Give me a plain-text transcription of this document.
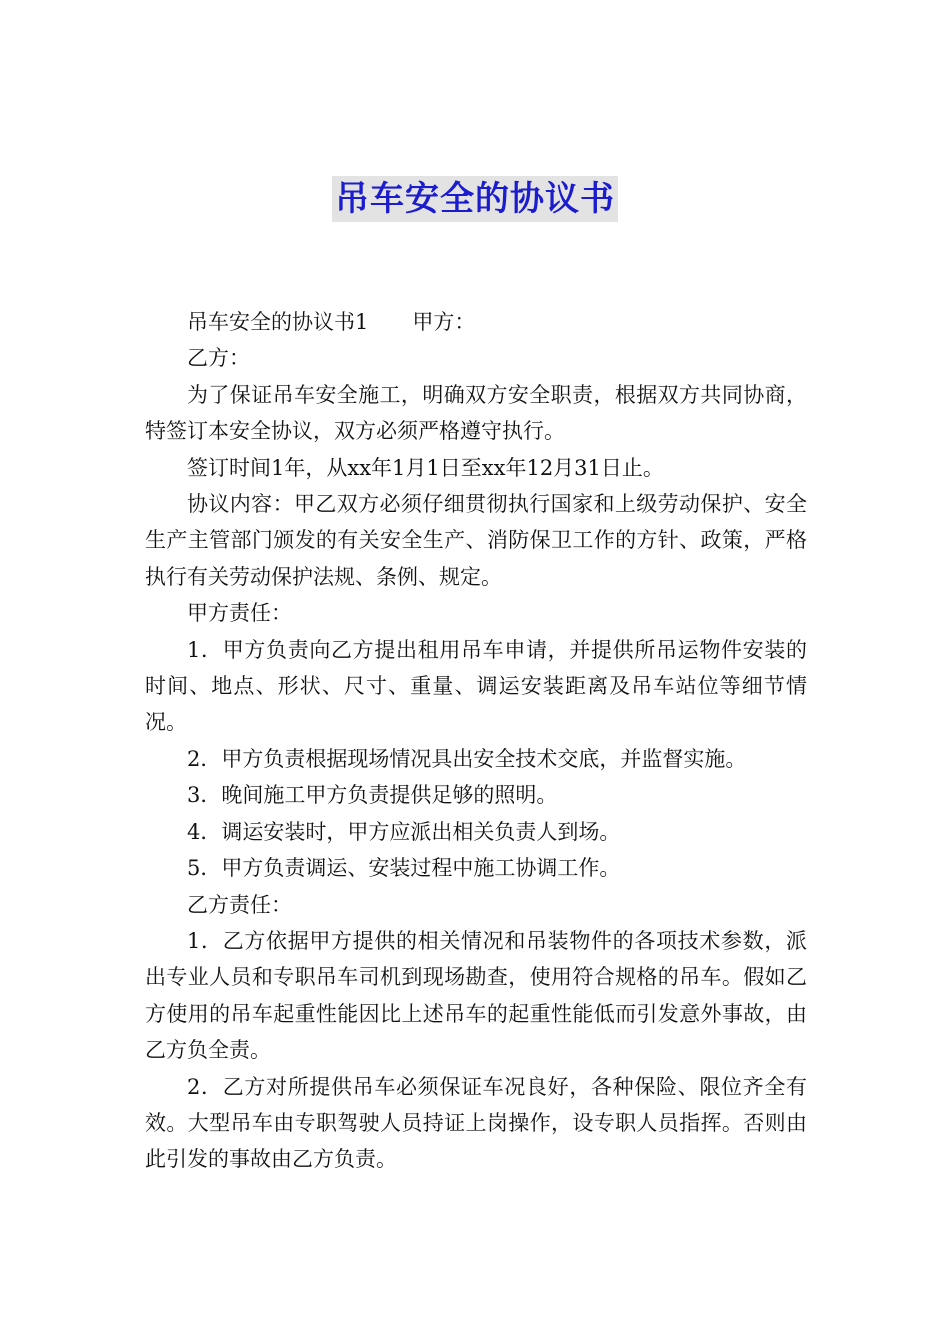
吊车安全的协议书

吊车安全的协议书1 甲方：

乙方：

为了保证吊车安全施工，明确双方安全职责，根据双方共同协商，特签订本安全协议，双方必须严格遵守执行。

签订时间1年，从xx年1月1日至xx年12月31日止。

协议内容：甲乙双方必须仔细贯彻执行国家和上级劳动保护、安全生产主管部门颁发的有关安全生产、消防保卫工作的方针、政策，严格执行有关劳动保护法规、条例、规定。

甲方责任：

1．甲方负责向乙方提出租用吊车申请，并提供所吊运物件安装的时间、地点、形状、尺寸、重量、调运安装距离及吊车站位等细节情况。

2．甲方负责根据现场情况具出安全技术交底，并监督实施。

3．晚间施工甲方负责提供足够的照明。

4．调运安装时，甲方应派出相关负责人到场。

5．甲方负责调运、安装过程中施工协调工作。

乙方责任：

1．乙方依据甲方提供的相关情况和吊装物件的各项技术参数，派出专业人员和专职吊车司机到现场勘查，使用符合规格的吊车。假如乙方使用的吊车起重性能因比上述吊车的起重性能低而引发意外事故，由乙方负全责。

2．乙方对所提供吊车必须保证车况良好，各种保险、限位齐全有效。大型吊车由专职驾驶人员持证上岗操作，设专职人员指挥。否则由此引发的事故由乙方负责。
